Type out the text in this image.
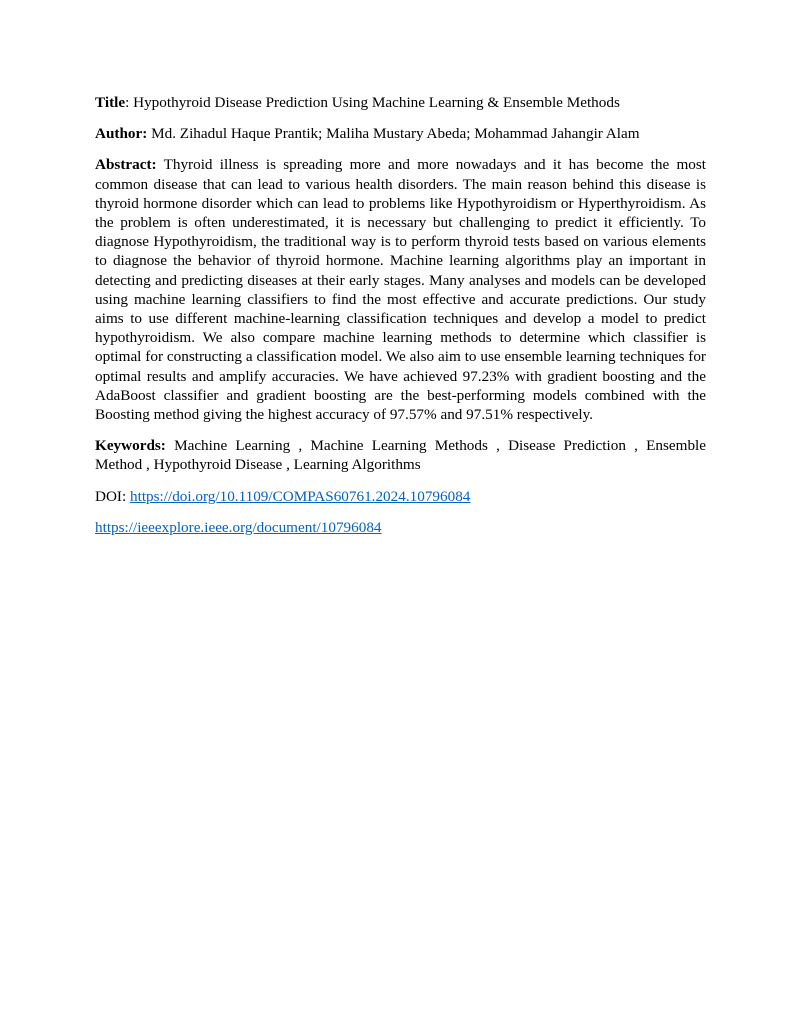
Title: Hypothyroid Disease Prediction Using Machine Learning & Ensemble Methods

Author: Md. Zihadul Haque Prantik; Maliha Mustary Abeda; Mohammad Jahangir Alam

Abstract: Thyroid illness is spreading more and more nowadays and it has become the most common disease that can lead to various health disorders. The main reason behind this disease is thyroid hormone disorder which can lead to problems like Hypothyroidism or Hyperthyroidism. As the problem is often underestimated, it is necessary but challenging to predict it efficiently. To diagnose Hypothyroidism, the traditional way is to perform thyroid tests based on various elements to diagnose the behavior of thyroid hormone. Machine learning algorithms play an important in detecting and predicting diseases at their early stages. Many analyses and models can be developed using machine learning classifiers to find the most effective and accurate predictions. Our study aims to use different machine-learning classification techniques and develop a model to predict hypothyroidism. We also compare machine learning methods to determine which classifier is optimal for constructing a classification model. We also aim to use ensemble learning techniques for optimal results and amplify accuracies. We have achieved 97.23% with gradient boosting and the AdaBoost classifier and gradient boosting are the best-performing models combined with the Boosting method giving the highest accuracy of 97.57% and 97.51% respectively.

Keywords: Machine Learning , Machine Learning Methods , Disease Prediction , Ensemble Method , Hypothyroid Disease , Learning Algorithms

DOI: https://doi.org/10.1109/COMPAS60761.2024.10796084

https://ieeexplore.ieee.org/document/10796084
